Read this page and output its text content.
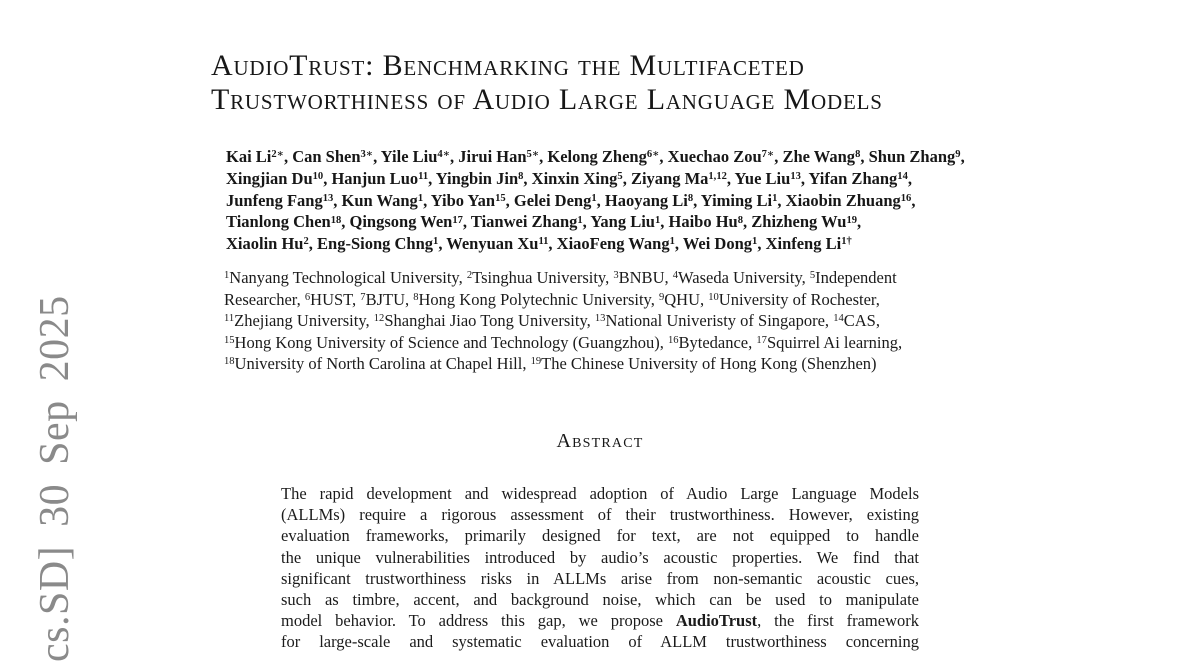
cs.SD] 30 Sep 2025
AudioTrust: Benchmarking the Multifaceted
Trustworthiness of Audio Large Language Models
Kai $Li^{2∗}$, Can Shen$^{3∗}$, Yile Liu$^{4∗}$, Jirui Han$^{5∗}$, Kelong Zheng$^{6∗}$, Xuechao Zou$^{7∗}$, Zhe Wang$^8$, Shun Zhang$^9$,
Xingjian Du$^{10}$, Hanjun Luo$^{11}$, Yingbin Jin$^8$, Xinxin Xing$^5$, Ziyang Ma$^{1,12}$, Yue Liu$^{13}$, Yifan Zhang$^{14}$,
Junfeng Fang$^{13}$, Kun Wang$^1$, Yibo Yan$^{15}$, Gelei Deng$^1$, Haoyang Li$^8$, Yiming Li$^1$, Xiaobin Zhuang$^{16}$,
Tianlong Chen$^{18}$, Qingsong Wen$^{17}$, Tianwei Zhang$^1$, Yang Liu$^1$, Haibo Hu$^8$, Zhizheng Wu$^{19}$,
Xiaolin Hu$^2$, Eng-Siong Chng$^1$, Wenyuan Xu$^{11}$, XiaoFeng Wang$^1$, Wei Dong$^1$, Xinfeng $Li^{1\dagger}$
$^1$Nanyang Technological University, $^2$Tsinghua University, $^3$BNBU, $^4$Waseda University, $^5$Independent
Researcher, $^6$HUST, $^7$BJTU, $^8$Hong Kong Polytechnic University, $^9$QHU, $^{10}$University of Rochester,
$^{11}$Zhejiang University, $^{12}$Shanghai Jiao Tong University, $^{13}$National Univeristy of Singapore, $^{14}$CAS,
$^{15}$Hong Kong University of Science and Technology (Guangzhou), $^{16}$Bytedance, $^{17}$Squirrel Ai learning,
$^{18}$University of North Carolina at Chapel Hill, $^{19}$The Chinese University of Hong Kong (Shenzhen)
Abstract
The rapid development and widespread adoption of Audio Large Language Models
(ALLMs) require a rigorous assessment of their trustworthiness. However, existing
evaluation frameworks, primarily designed for text, are not equipped to handle
the unique vulnerabilities introduced by audio’s acoustic properties. We find that
significant trustworthiness risks in ALLMs arise from non-semantic acoustic cues,
such as timbre, accent, and background noise, which can be used to manipulate
model behavior. To address this gap, we propose AudioTrust, the first framework
for large-scale and systematic evaluation of ALLM trustworthiness concerning
